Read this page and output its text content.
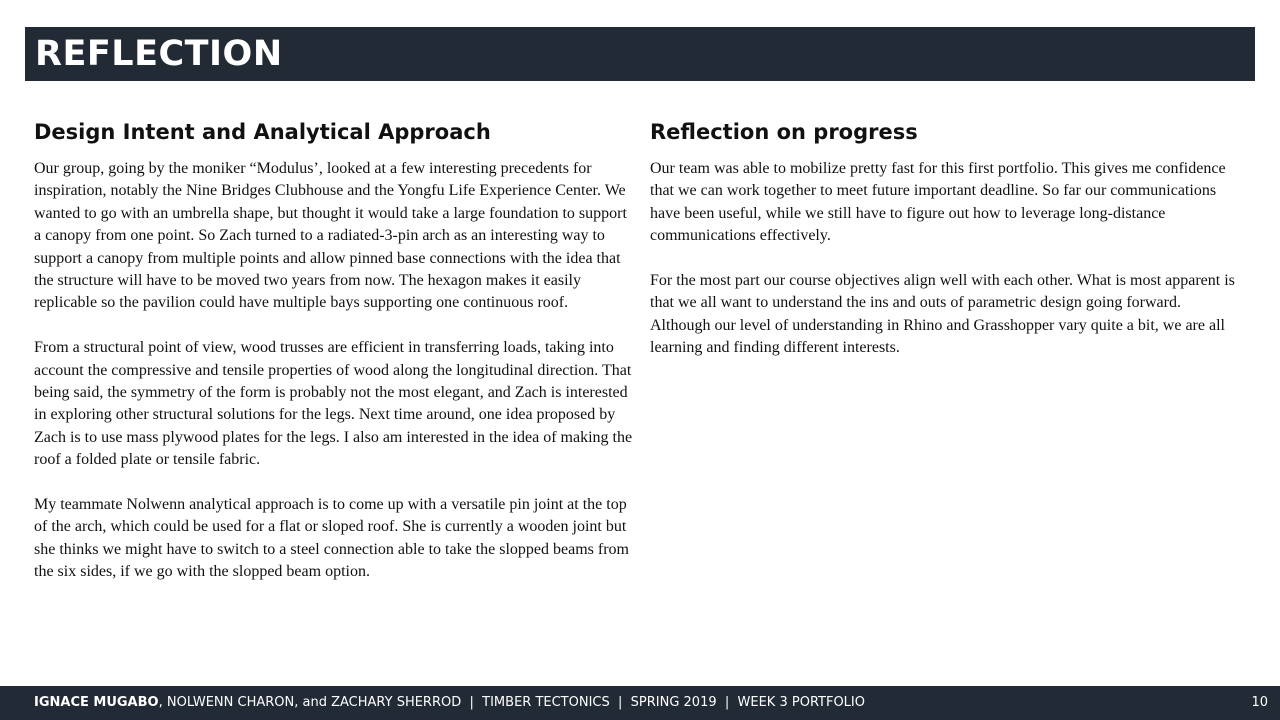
REFLECTION
Design Intent and Analytical Approach

Our group, going by the moniker “Modulus’, looked at a few interesting precedents for inspiration, notably the Nine Bridges Clubhouse and the Yongfu Life Experience Center. We wanted to go with an umbrella shape, but thought it would take a large foundation to support a canopy from one point. So Zach turned to a radiated-3-pin arch as an interesting way to support a canopy from multiple points and allow pinned base connections with the idea that the structure will have to be moved two years from now. The hexagon makes it easily replicable so the pavilion could have multiple bays supporting one continuous roof.

From a structural point of view, wood trusses are efficient in transferring loads, taking into account the compressive and tensile properties of wood along the longitudinal direction. That being said, the symmetry of the form is probably not the most elegant, and Zach is interested in exploring other structural solutions for the legs. Next time around, one idea proposed by Zach is to use mass plywood plates for the legs. I also am interested in the idea of making the roof a folded plate or tensile fabric.

My teammate Nolwenn analytical approach is to come up with a versatile pin joint at the top of the arch, which could be used for a flat or sloped roof. She is currently a wooden joint but she thinks we might have to switch to a steel connection able to take the slopped beams from the six sides, if we go with the slopped beam option.

Reflection on progress

Our team was able to mobilize pretty fast for this first portfolio. This gives me confidence that we can work together to meet future important deadline. So far our communications have been useful, while we still have to figure out how to leverage long-distance communications effectively.

For the most part our course objectives align well with each other. What is most apparent is that we all want to understand the ins and outs of parametric design going forward. Although our level of understanding in Rhino and Grasshopper vary quite a bit, we are all learning and finding different interests.

IGNACE MUGABO, NOLWENN CHARON, and ZACHARY SHERROD  |  TIMBER TECTONICS  |  SPRING 2019  |  WEEK 3 PORTFOLIO	10
